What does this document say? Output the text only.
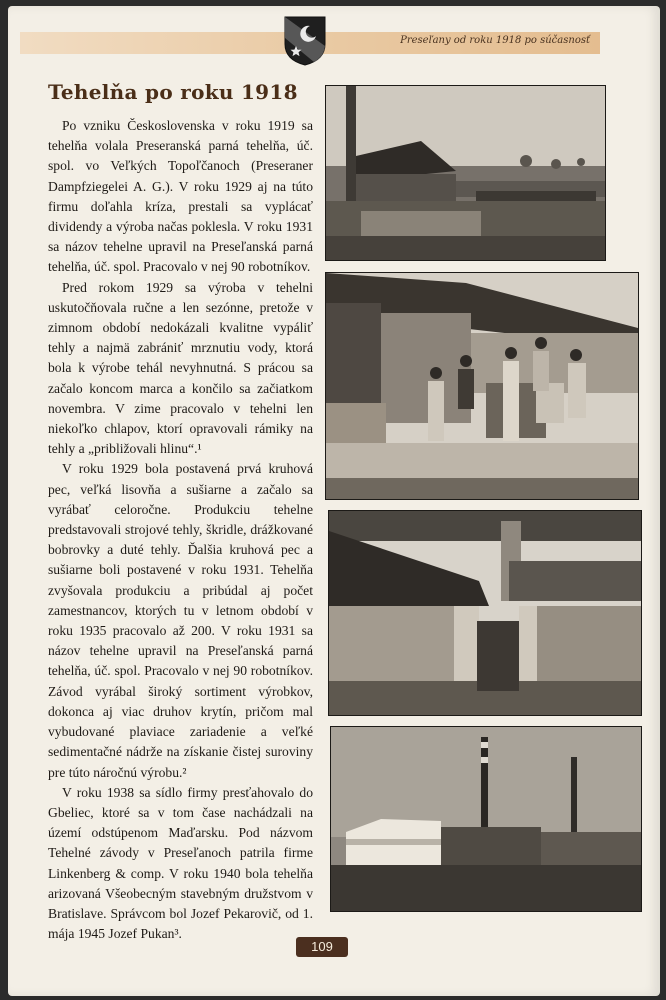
Preseľany od roku 1918 po súčasnosť
Tehelňa po roku 1918

Po vzniku Československa v roku 1919 sa tehelňa volala Preseranská parná tehelňa, úč. spol. vo Veľkých Topoľčanoch (Preseraner Dampfziegelei A. G.). V roku 1929 aj na túto firmu doľahla kríza, prestali sa vyplácať dividendy a výroba načas poklesla. V roku 1931 sa názov tehelne upravil na Preseľanská parná tehelňa, úč. spol. Pracovalo v nej 90 robotníkov.

Pred rokom 1929 sa výroba v tehelni uskutočňovala ručne a len sezónne, pretože v zimnom období nedokázali kvalitne vypáliť tehly a najmä zabrániť mrznutiu vody, ktorá bola k výrobe tehál nevyhnutná. S prácou sa začalo koncom marca a končilo sa začiatkom novembra. V zime pracovalo v tehelni len niekoľko chlapov, ktorí opravovali rámiky na tehly a „približovali hlinu“.¹

V roku 1929 bola postavená prvá kruhová pec, veľká lisovňa a sušiarne a začalo sa vyrábať celoročne. Produkciu tehelne predstavovali strojové tehly, škridle, drážkované bobrovky a duté tehly. Ďalšia kruhová pec a sušiarne boli postavené v roku 1931. Tehelňa zvyšovala produkciu a pribúdal aj počet zamestnancov, ktorých tu v letnom období v roku 1935 pracovalo až 200. V roku 1931 sa názov tehelne upravil na Preseľanská parná tehelňa, úč. spol. Pracovalo v nej 90 robotníkov. Závod vyrábal široký sortiment výrobkov, dokonca aj viac druhov krytín, pričom mal vybudované plaviace zariadenie a veľké sedimentačné nádrže na získanie čistej suroviny pre túto náročnú výrobu.²

V roku 1938 sa sídlo firmy presťahovalo do Gbeliec, ktoré sa v tom čase nachádzali na území odstúpenom Maďarsku. Pod názvom Tehelné závody v Preseľanoch patrila firme Linkenberg & comp. V roku 1940 bola tehelňa arizovaná Všeobecným stavebným družstvom v Bratislave. Správcom bol Jozef Pekarovič, od 1. mája 1945 Jozef Pukan³.

109
